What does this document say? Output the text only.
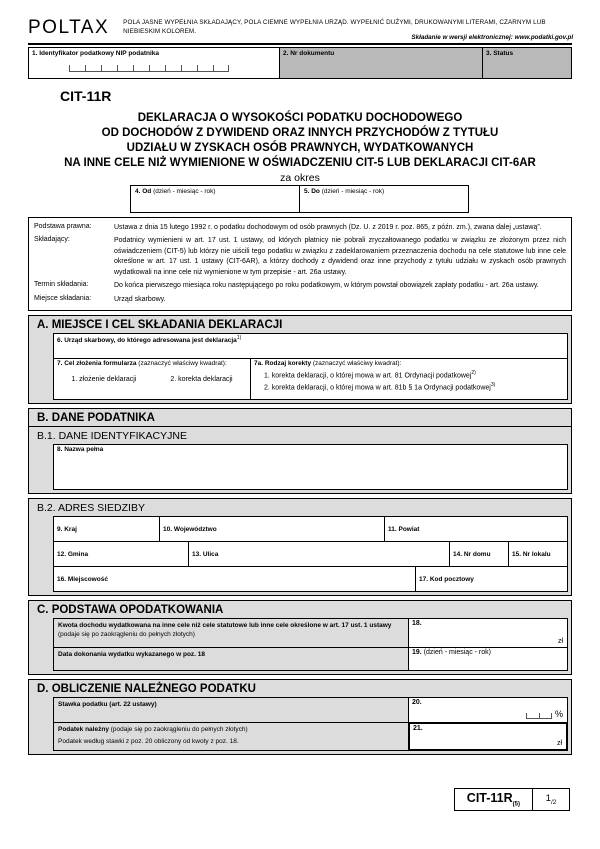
POLTAX POLA JASNE WYPEŁNIA SKŁADAJĄCY, POLA CIEMNE WYPEŁNIA URZĄD. WYPEŁNIĆ DUŻYMI, DRUKOWANYMI LITERAMI, CZARNYM LUB NIEBIESKIM KOLOREM.
Składanie w wersji elektronicznej: www.podatki.gov.pl
1. Identyfikator podatkowy NIP podatnika	2. Nr dokumentu	3. Status
CIT-11R
DEKLARACJA O WYSOKOŚCI PODATKU DOCHODOWEGO
OD DOCHODÓW Z DYWIDEND ORAZ INNYCH PRZYCHODÓW Z TYTUŁU
UDZIAŁU W ZYSKACH OSÓB PRAWNYCH, WYDATKOWANYCH
NA INNE CELE NIŻ WYMIENIONE W OŚWIADCZENIU CIT-5 LUB DEKLARACJI CIT-6AR
za okres
4. Od (dzień - miesiąc - rok)	5. Do (dzień - miesiąc - rok)
Podstawa prawna:	Ustawa z dnia 15 lutego 1992 r. o podatku dochodowym od osób prawnych (Dz. U. z 2019 r. poz. 865, z późn. zm.), zwana dalej „ustawą”.
Składający:	Podatnicy wymienieni w art. 17 ust. 1 ustawy, od których płatnicy nie pobrali zryczałtowanego podatku w związku ze złożonym przez nich oświadczeniem (CIT-5) lub którzy nie uiścili tego podatku w związku z zadeklarowaniem przeznaczenia dochodu na cele statutowe lub inne cele określone w art. 17 ust. 1 ustawy (CIT-6AR), a którzy dochody z dywidend oraz inne przychody z tytułu udziału w zyskach osób prawnych wydatkowali na inne cele niż wymienione w tym przepisie - art. 26a ustawy.
Termin składania:	Do końca pierwszego miesiąca roku następującego po roku podatkowym, w którym powstał obowiązek zapłaty podatku - art. 26a ustawy.
Miejsce składania:	Urząd skarbowy.
A. MIEJSCE I CEL SKŁADANIA DEKLARACJI
6. Urząd skarbowy, do którego adresowana jest deklaracja$^{1)}$
7. Cel złożenia formularza (zaznaczyć właściwy kwadrat):
1. złożenie deklaracji	2. korekta deklaracji
7a. Rodzaj korekty (zaznaczyć właściwy kwadrat):
1. korekta deklaracji, o której mowa w art. 81 Ordynacji podatkowej$^{2)}$
2. korekta deklaracji, o której mowa w art. 81b § 1a Ordynacji podatkowej$^{3)}$
B. DANE PODATNIKA
B.1. DANE IDENTYFIKACYJNE
8. Nazwa pełna
B.2. ADRES SIEDZIBY
9. Kraj	10. Województwo	11. Powiat
12. Gmina	13. Ulica	14. Nr domu	15. Nr lokalu
16. Miejscowość	17. Kod pocztowy
C. PODSTAWA OPODATKOWANIA
Kwota dochodu wydatkowana na inne cele niż cele statutowe lub inne cele określone w art. 17 ust. 1 ustawy (podaje się po zaokrągleniu do pełnych złotych)
18.
zł
Data dokonania wydatku wykazanego w poz. 18	19. (dzień - miesiąc - rok)
D. OBLICZENIE NALEŻNEGO PODATKU
Stawka podatku (art. 22 ustawy)	20.
%
Podatek należny (podaje się po zaokrągleniu do pełnych złotych)
Podatek według stawki z poz. 20 obliczony od kwoty z poz. 18.
21.
zł
CIT-$11R_{(5)}$
$1_{/2}$
